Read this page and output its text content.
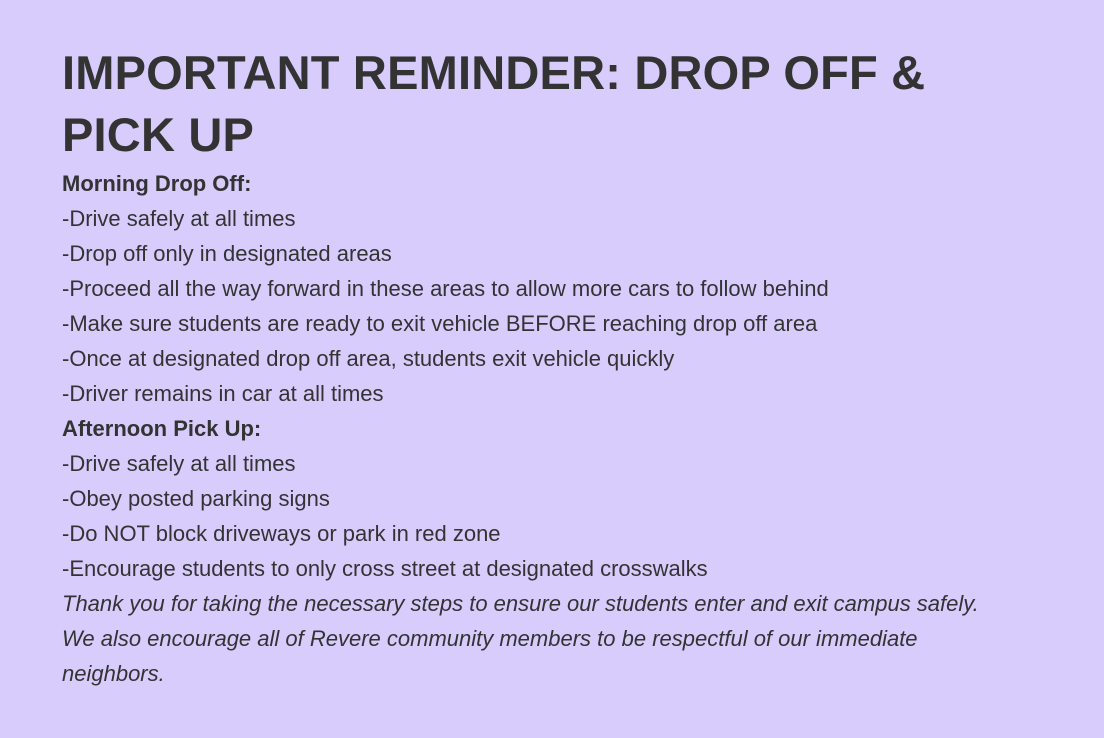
IMPORTANT REMINDER: DROP OFF & PICK UP

Morning Drop Off:

-Drive safely at all times

-Drop off only in designated areas

-Proceed all the way forward in these areas to allow more cars to follow behind

-Make sure students are ready to exit vehicle BEFORE reaching drop off area

-Once at designated drop off area, students exit vehicle quickly

-Driver remains in car at all times

Afternoon Pick Up:

-Drive safely at all times

-Obey posted parking signs

-Do NOT block driveways or park in red zone

-Encourage students to only cross street at designated crosswalks

Thank you for taking the necessary steps to ensure our students enter and exit campus safely. We also encourage all of Revere community members to be respectful of our immediate neighbors.
